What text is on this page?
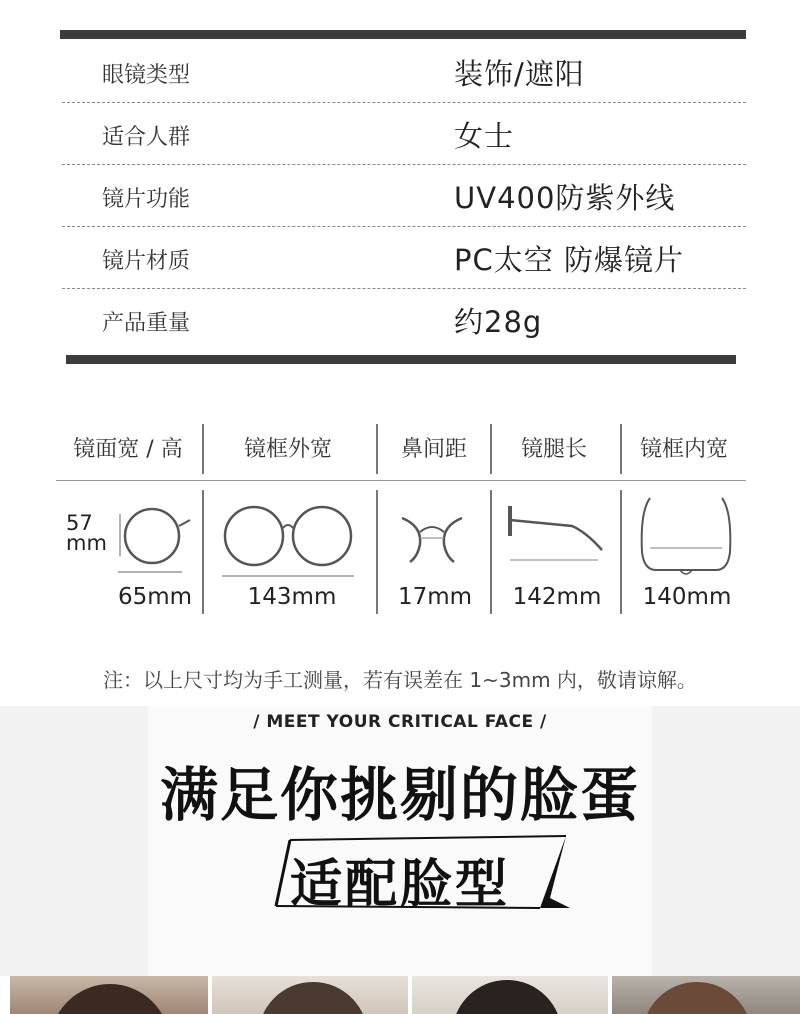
眼镜类型	装饰/遮阳
适合人群	女士
镜片功能	UV400防紫外线
镜片材质	PC太空 防爆镜片
产品重量	约28g
镜面宽 / 高	镜框外宽	鼻间距	镜腿长	镜框内宽
57
mm
65mm	143mm	17mm	142mm	140mm
注：以上尺寸均为手工测量，若有误差在 1~3mm 内，敬请谅解。
/ MEET YOUR CRITICAL FACE /
满足你挑剔的脸蛋
适配脸型
